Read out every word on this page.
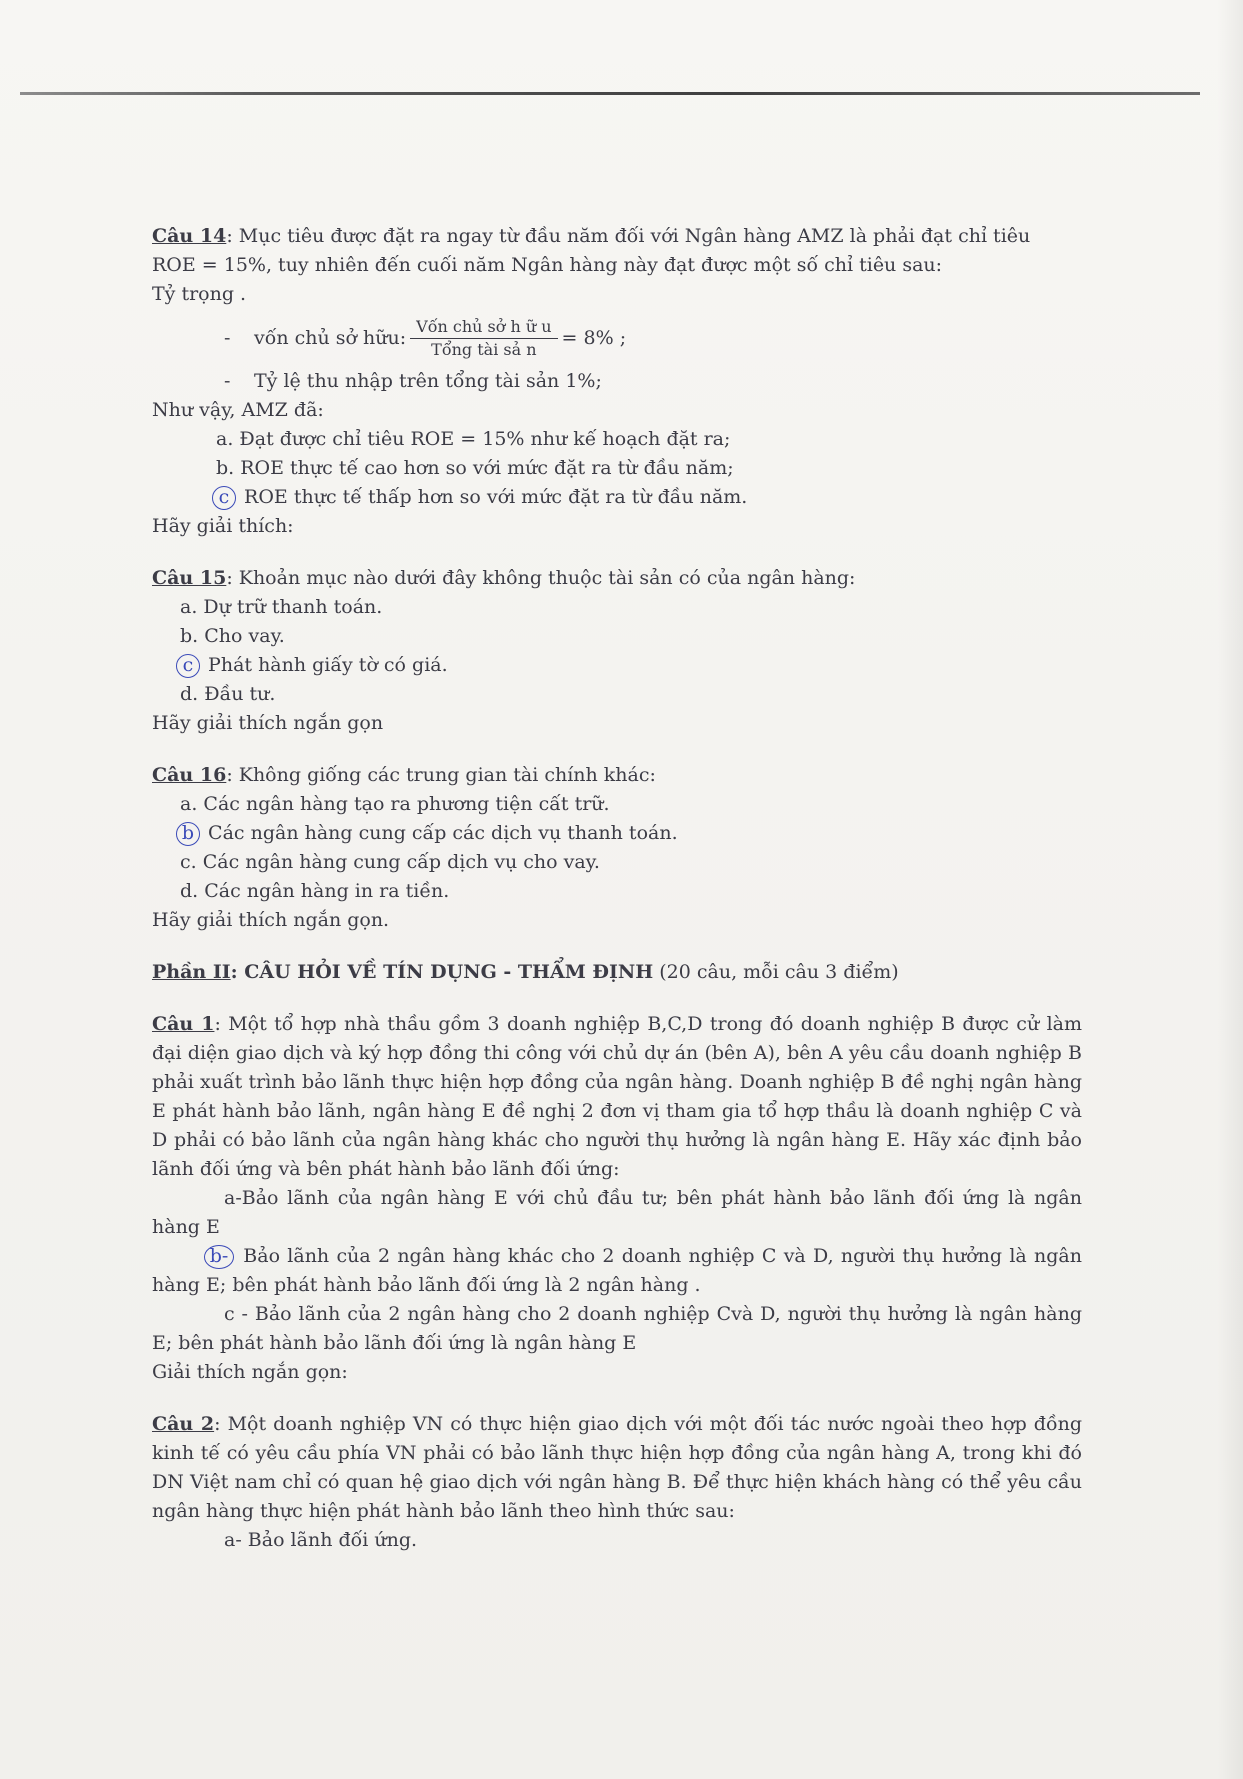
Câu 14: Mục tiêu được đặt ra ngay từ đầu năm đối với Ngân hàng AMZ là phải đạt chỉ tiêu

ROE = 15%, tuy nhiên đến cuối năm Ngân hàng này đạt được một số chỉ tiêu sau:

Tỷ trọng .

-	vốn chủ sở hữu: $\frac{\text{Vốn chủ sở h ữ u}}{\text{Tổng tài sả n}} = 8\%$ ;

- Tỷ lệ thu nhập trên tổng tài sản 1%;

Như vậy, AMZ đã:

a. Đạt được chỉ tiêu ROE = 15% như kế hoạch đặt ra;

b. ROE thực tế cao hơn so với mức đặt ra từ đầu năm;

c ROE thực tế thấp hơn so với mức đặt ra từ đầu năm.

Hãy giải thích:

Câu 15: Khoản mục nào dưới đây không thuộc tài sản có của ngân hàng:

a. Dự trữ thanh toán.

b. Cho vay.

c Phát hành giấy tờ có giá.

d. Đầu tư.

Hãy giải thích ngắn gọn

Câu 16: Không giống các trung gian tài chính khác:

a. Các ngân hàng tạo ra phương tiện cất trữ.

b Các ngân hàng cung cấp các dịch vụ thanh toán.

c. Các ngân hàng cung cấp dịch vụ cho vay.

d. Các ngân hàng in ra tiền.

Hãy giải thích ngắn gọn.

Phần II: CÂU HỎI VỀ TÍN DỤNG - THẨM ĐỊNH (20 câu, mỗi câu 3 điểm)

Câu 1: Một tổ hợp nhà thầu gồm 3 doanh nghiệp B,C,D trong đó doanh nghiệp B được cử làm đại diện giao dịch và ký hợp đồng thi công với chủ dự án (bên A), bên A yêu cầu doanh nghiệp B phải xuất trình bảo lãnh thực hiện hợp đồng của ngân hàng. Doanh nghiệp B đề nghị ngân hàng E phát hành bảo lãnh, ngân hàng E đề nghị 2 đơn vị tham gia tổ hợp thầu là doanh nghiệp C và D phải có bảo lãnh của ngân hàng khác cho người thụ hưởng là ngân hàng E. Hãy xác định bảo lãnh đối ứng và bên phát hành bảo lãnh đối ứng:

a-Bảo lãnh của ngân hàng E với chủ đầu tư; bên phát hành bảo lãnh đối ứng là ngân hàng E

b- Bảo lãnh của 2 ngân hàng khác cho 2 doanh nghiệp C và D, người thụ hưởng là ngân hàng E; bên phát hành bảo lãnh đối ứng là 2 ngân hàng .

c - Bảo lãnh của 2 ngân hàng cho 2 doanh nghiệp Cvà D, người thụ hưởng là ngân hàng E; bên phát hành bảo lãnh đối ứng là ngân hàng E

Giải thích ngắn gọn:

Câu 2: Một doanh nghiệp VN có thực hiện giao dịch với một đối tác nước ngoài theo hợp đồng kinh tế có yêu cầu phía VN phải có bảo lãnh thực hiện hợp đồng của ngân hàng A, trong khi đó DN Việt nam chỉ có quan hệ giao dịch với ngân hàng B. Để thực hiện khách hàng có thể yêu cầu ngân hàng thực hiện phát hành bảo lãnh theo hình thức sau:

a- Bảo lãnh đối ứng.
